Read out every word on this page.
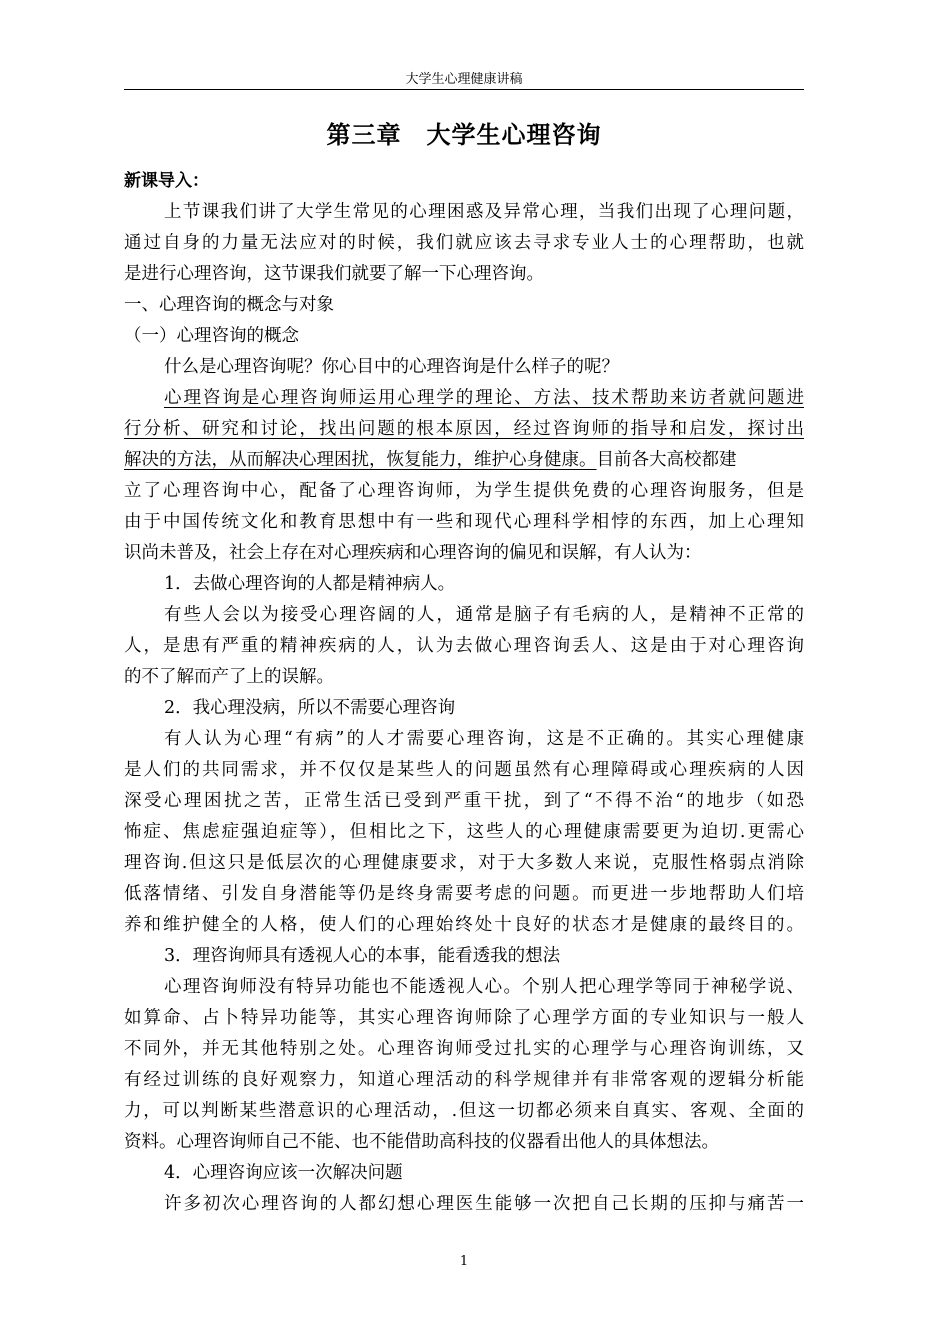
大学生心理健康讲稿
第三章　大学生心理咨询
新课导入：
上节课我们讲了大学生常见的心理困惑及异常心理，当我们出现了心理问题，
通过自身的力量无法应对的时候，我们就应该去寻求专业人士的心理帮助，也就
是进行心理咨询，这节课我们就要了解一下心理咨询。
一、心理咨询的概念与对象
（一）心理咨询的概念
什么是心理咨询呢？你心目中的心理咨询是什么样子的呢？
心理咨询是心理咨询师运用心理学的理论、方法、技术帮助来访者就问题进
行分析、研究和讨论，找出问题的根本原因，经过咨询师的指导和启发，探讨出
解决的方法，从而解决心理困扰，恢复能力，维护心身健康。目前各大高校都建
立了心理咨询中心，配备了心理咨询师，为学生提供免费的心理咨询服务，但是
由于中国传统文化和教育思想中有一些和现代心理科学相悖的东西，加上心理知
识尚未普及，社会上存在对心理疾病和心理咨询的偏见和误解，有人认为：
1．去做心理咨询的人都是精神病人。
有些人会以为接受心理咨阔的人，通常是脑子有毛病的人，是精神不正常的
人，是患有严重的精神疾病的人，认为去做心理咨询丢人、这是由于对心理咨询
的不了解而产了上的误解。
2．我心理没病，所以不需要心理咨询
有人认为心理“有病”的人才需要心理咨询，这是不正确的。其实心理健康
是人们的共同需求，并不仅仅是某些人的问题虽然有心理障碍或心理疾病的人因
深受心理困扰之苦，正常生活已受到严重干扰，到了“不得不治“的地步（如恐
怖症、焦虑症强迫症等），但相比之下，这些人的心理健康需要更为迫切.更需心
理咨询.但这只是低层次的心理健康要求，对于大多数人来说，克服性格弱点消除
低落情绪、引发自身潜能等仍是终身需要考虑的问题。而更进一步地帮助人们培
养和维护健全的人格，使人们的心理始终处十良好的状态才是健康的最终目的。
3．理咨询师具有透视人心的本事，能看透我的想法
心理咨询师没有特异功能也不能透视人心。个别人把心理学等同于神秘学说、
如算命、占卜特异功能等，其实心理咨询师除了心理学方面的专业知识与一般人
不同外，并无其他特别之处。心理咨询师受过扎实的心理学与心理咨询训练，又
有经过训练的良好观察力，知道心理活动的科学规律并有非常客观的逻辑分析能
力，可以判断某些潜意识的心理活动，.但这一切都必须来自真实、客观、全面的
资料。心理咨询师自己不能、也不能借助高科技的仪器看出他人的具体想法。
4．心理咨询应该一次解决问题
许多初次心理咨询的人都幻想心理医生能够一次把自己长期的压抑与痛苦一
1
